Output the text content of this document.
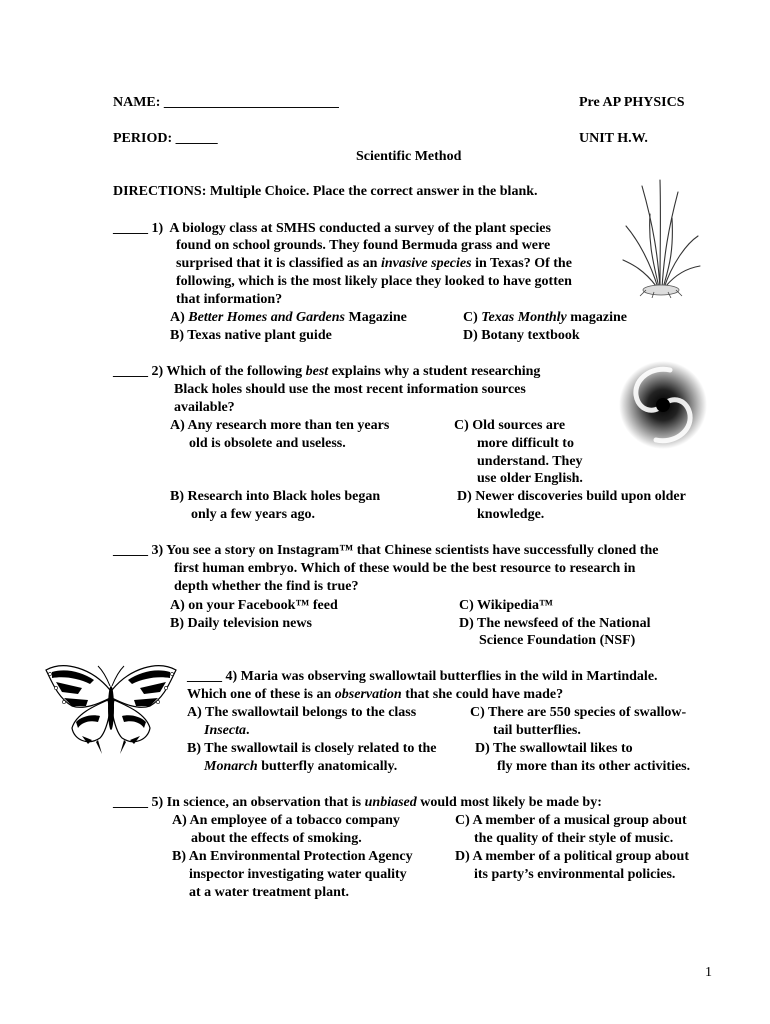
NAME: _________________________	Pre AP PHYSICS
PERIOD: ______	UNIT H.W.
Scientific Method
DIRECTIONS: Multiple Choice. Place the correct answer in the blank.
_____ 1) A biology class at SMHS conducted a survey of the plant species
found on school grounds. They found Bermuda grass and were
surprised that it is classified as an invasive species in Texas? Of the
following, which is the most likely place they looked to have gotten
that information?
A) Better Homes and Gardens Magazine	C) Texas Monthly magazine
B) Texas native plant guide	D) Botany textbook
_____ 2) Which of the following best explains why a student researching
Black holes should use the most recent information sources
available?
A) Any research more than ten years
old is obsolete and useless.
C) Old sources are
more difficult to
understand. They
use older English.
B) Research into Black holes began
only a few years ago.
D) Newer discoveries build upon older
knowledge.
_____ 3) You see a story on Instagram™ that Chinese scientists have successfully cloned the
first human embryo. Which of these would be the best resource to research in
depth whether the find is true?
A) on your Facebook™ feed	C) Wikipedia™
B) Daily television news	D) The newsfeed of the National
Science Foundation (NSF)
_____ 4) Maria was observing swallowtail butterflies in the wild in Martindale.
Which one of these is an observation that she could have made?
A) The swallowtail belongs to the class
Insecta.
C) There are 550 species of swallow-
tail butterflies.
B) The swallowtail is closely related to the
Monarch butterfly anatomically.
D) The swallowtail likes to
fly more than its other activities.
_____ 5) In science, an observation that is unbiased would most likely be made by:
A) An employee of a tobacco company
about the effects of smoking.
C) A member of a musical group about
the quality of their style of music.
B) An Environmental Protection Agency
inspector investigating water quality
at a water treatment plant.
D) A member of a political group about
its party’s environmental policies.
1
